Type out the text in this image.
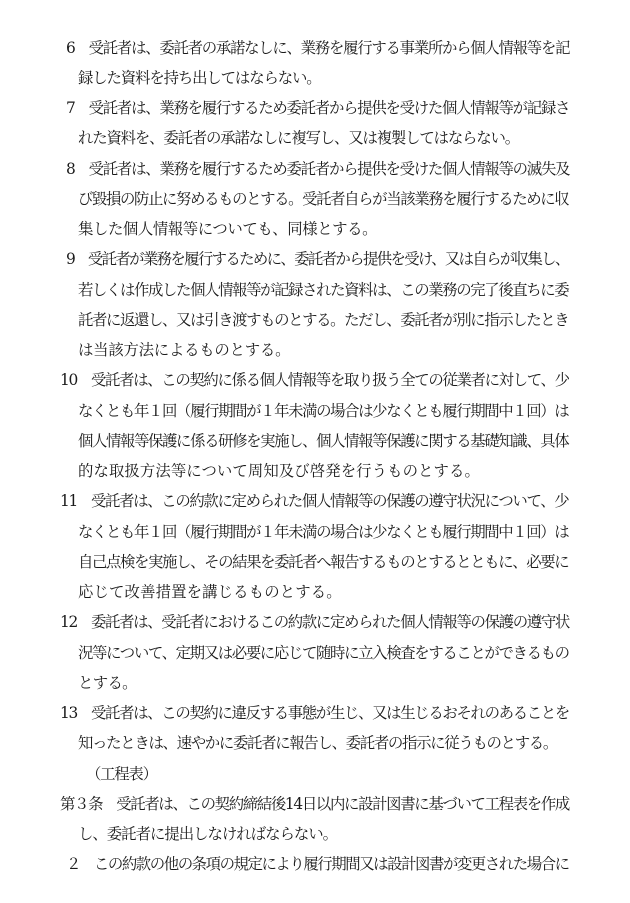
6　受託者は、委託者の承諾なしに、業務を履行する事業所から個人情報等を記
録した資料を持ち出してはならない。
7　受託者は、業務を履行するため委託者から提供を受けた個人情報等が記録さ
れた資料を、委託者の承諾なしに複写し、又は複製してはならない。
8　受託者は、業務を履行するため委託者から提供を受けた個人情報等の滅失及
び毀損の防止に努めるものとする。受託者自らが当該業務を履行するために収
集した個人情報等についても、同様とする。
9　受託者が業務を履行するために、委託者から提供を受け、又は自らが収集し、
若しくは作成した個人情報等が記録された資料は、この業務の完了後直ちに委
託者に返還し、又は引き渡すものとする。ただし、委託者が別に指示したとき
は当該方法によるものとする。
10　受託者は、この契約に係る個人情報等を取り扱う全ての従業者に対して、少
なくとも年１回（履行期間が１年未満の場合は少なくとも履行期間中１回）は
個人情報等保護に係る研修を実施し、個人情報等保護に関する基礎知識、具体
的な取扱方法等について周知及び啓発を行うものとする。
11　受託者は、この約款に定められた個人情報等の保護の遵守状況について、少
なくとも年１回（履行期間が１年未満の場合は少なくとも履行期間中１回）は
自己点検を実施し、その結果を委託者へ報告するものとするとともに、必要に
応じて改善措置を講じるものとする。
12　委託者は、受託者におけるこの約款に定められた個人情報等の保護の遵守状
況等について、定期又は必要に応じて随時に立入検査をすることができるもの
とする。
13　受託者は、この契約に違反する事態が生じ、又は生じるおそれのあることを
知ったときは、速やかに委託者に報告し、委託者の指示に従うものとする。
（工程表）
第３条　受託者は、この契約締結後14日以内に設計図書に基づいて工程表を作成
し、委託者に提出しなければならない。
２　この約款の他の条項の規定により履行期間又は設計図書が変更された場合に
